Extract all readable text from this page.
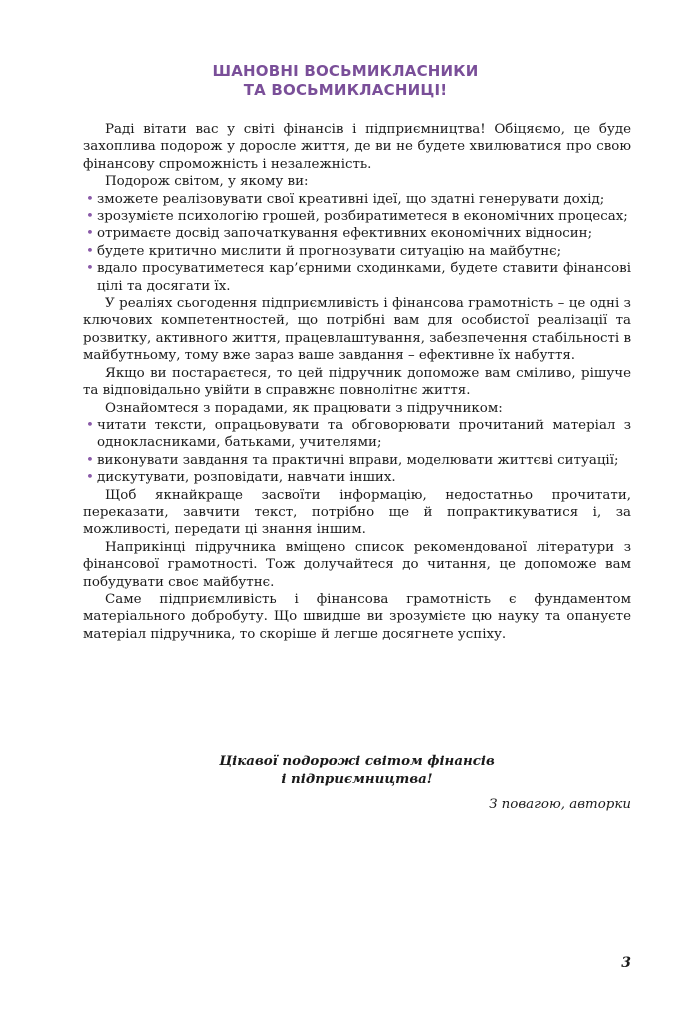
ШАНОВНІ ВОСЬМИКЛАСНИКИ
ТА ВОСЬМИКЛАСНИЦІ!

Раді вітати вас у світі фінансів і підприємництва! Обіцяємо, це буде захоплива подорож у доросле життя, де ви не будете хвилюватися про свою фінансову спроможність і незалежність.

Подорож світом, у якому ви:

• зможете реалізовувати свої креативні ідеї, що здатні генерувати дохід;
• зрозумієте психологію грошей, розбиратиметеся в економічних процесах;
• отримаєте досвід започаткування ефективних економічних відносин;
• будете критично мислити й прогнозувати ситуацію на майбутнє;
• вдало просуватиметеся кар’єрними сходинками, будете ставити фінансові цілі та досягати їх.

У реаліях сьогодення підприємливість і фінансова грамотність – це одні з ключових компетентностей, що потрібні вам для особистої реалізації та розвитку, активного життя, працевлаштування, забезпечення стабільності в майбутньому, тому вже зараз ваше завдання – ефективне їх набуття.

Якщо ви постараєтеся, то цей підручник допоможе вам сміливо, рішуче та відповідально увійти в справжнє повнолітнє життя.

Ознайомтеся з порадами, як працювати з підручником:

• читати тексти, опрацьовувати та обговорювати прочитаний матеріал з однокласниками, батьками, учителями;
• виконувати завдання та практичні вправи, моделювати життєві ситуації;
• дискутувати, розповідати, навчати інших.

Щоб якнайкраще засвоїти інформацію, недостатньо прочитати, переказати, завчити текст, потрібно ще й попрактикуватися і, за можливості, передати ці знання іншим.

Наприкінці підручника вміщено список рекомендованої літератури з фінансової грамотності. Тож долучайтеся до читання, це допоможе вам побудувати своє майбутнє.

Саме підприємливість і фінансова грамотність є фундаментом матеріального добробуту. Що швидше ви зрозумієте цю науку та опануєте матеріал підручника, то скоріше й легше досягнете успіху.

Цікавої подорожі світом фінансів
і підприємництва!
З повагою, авторки
3
